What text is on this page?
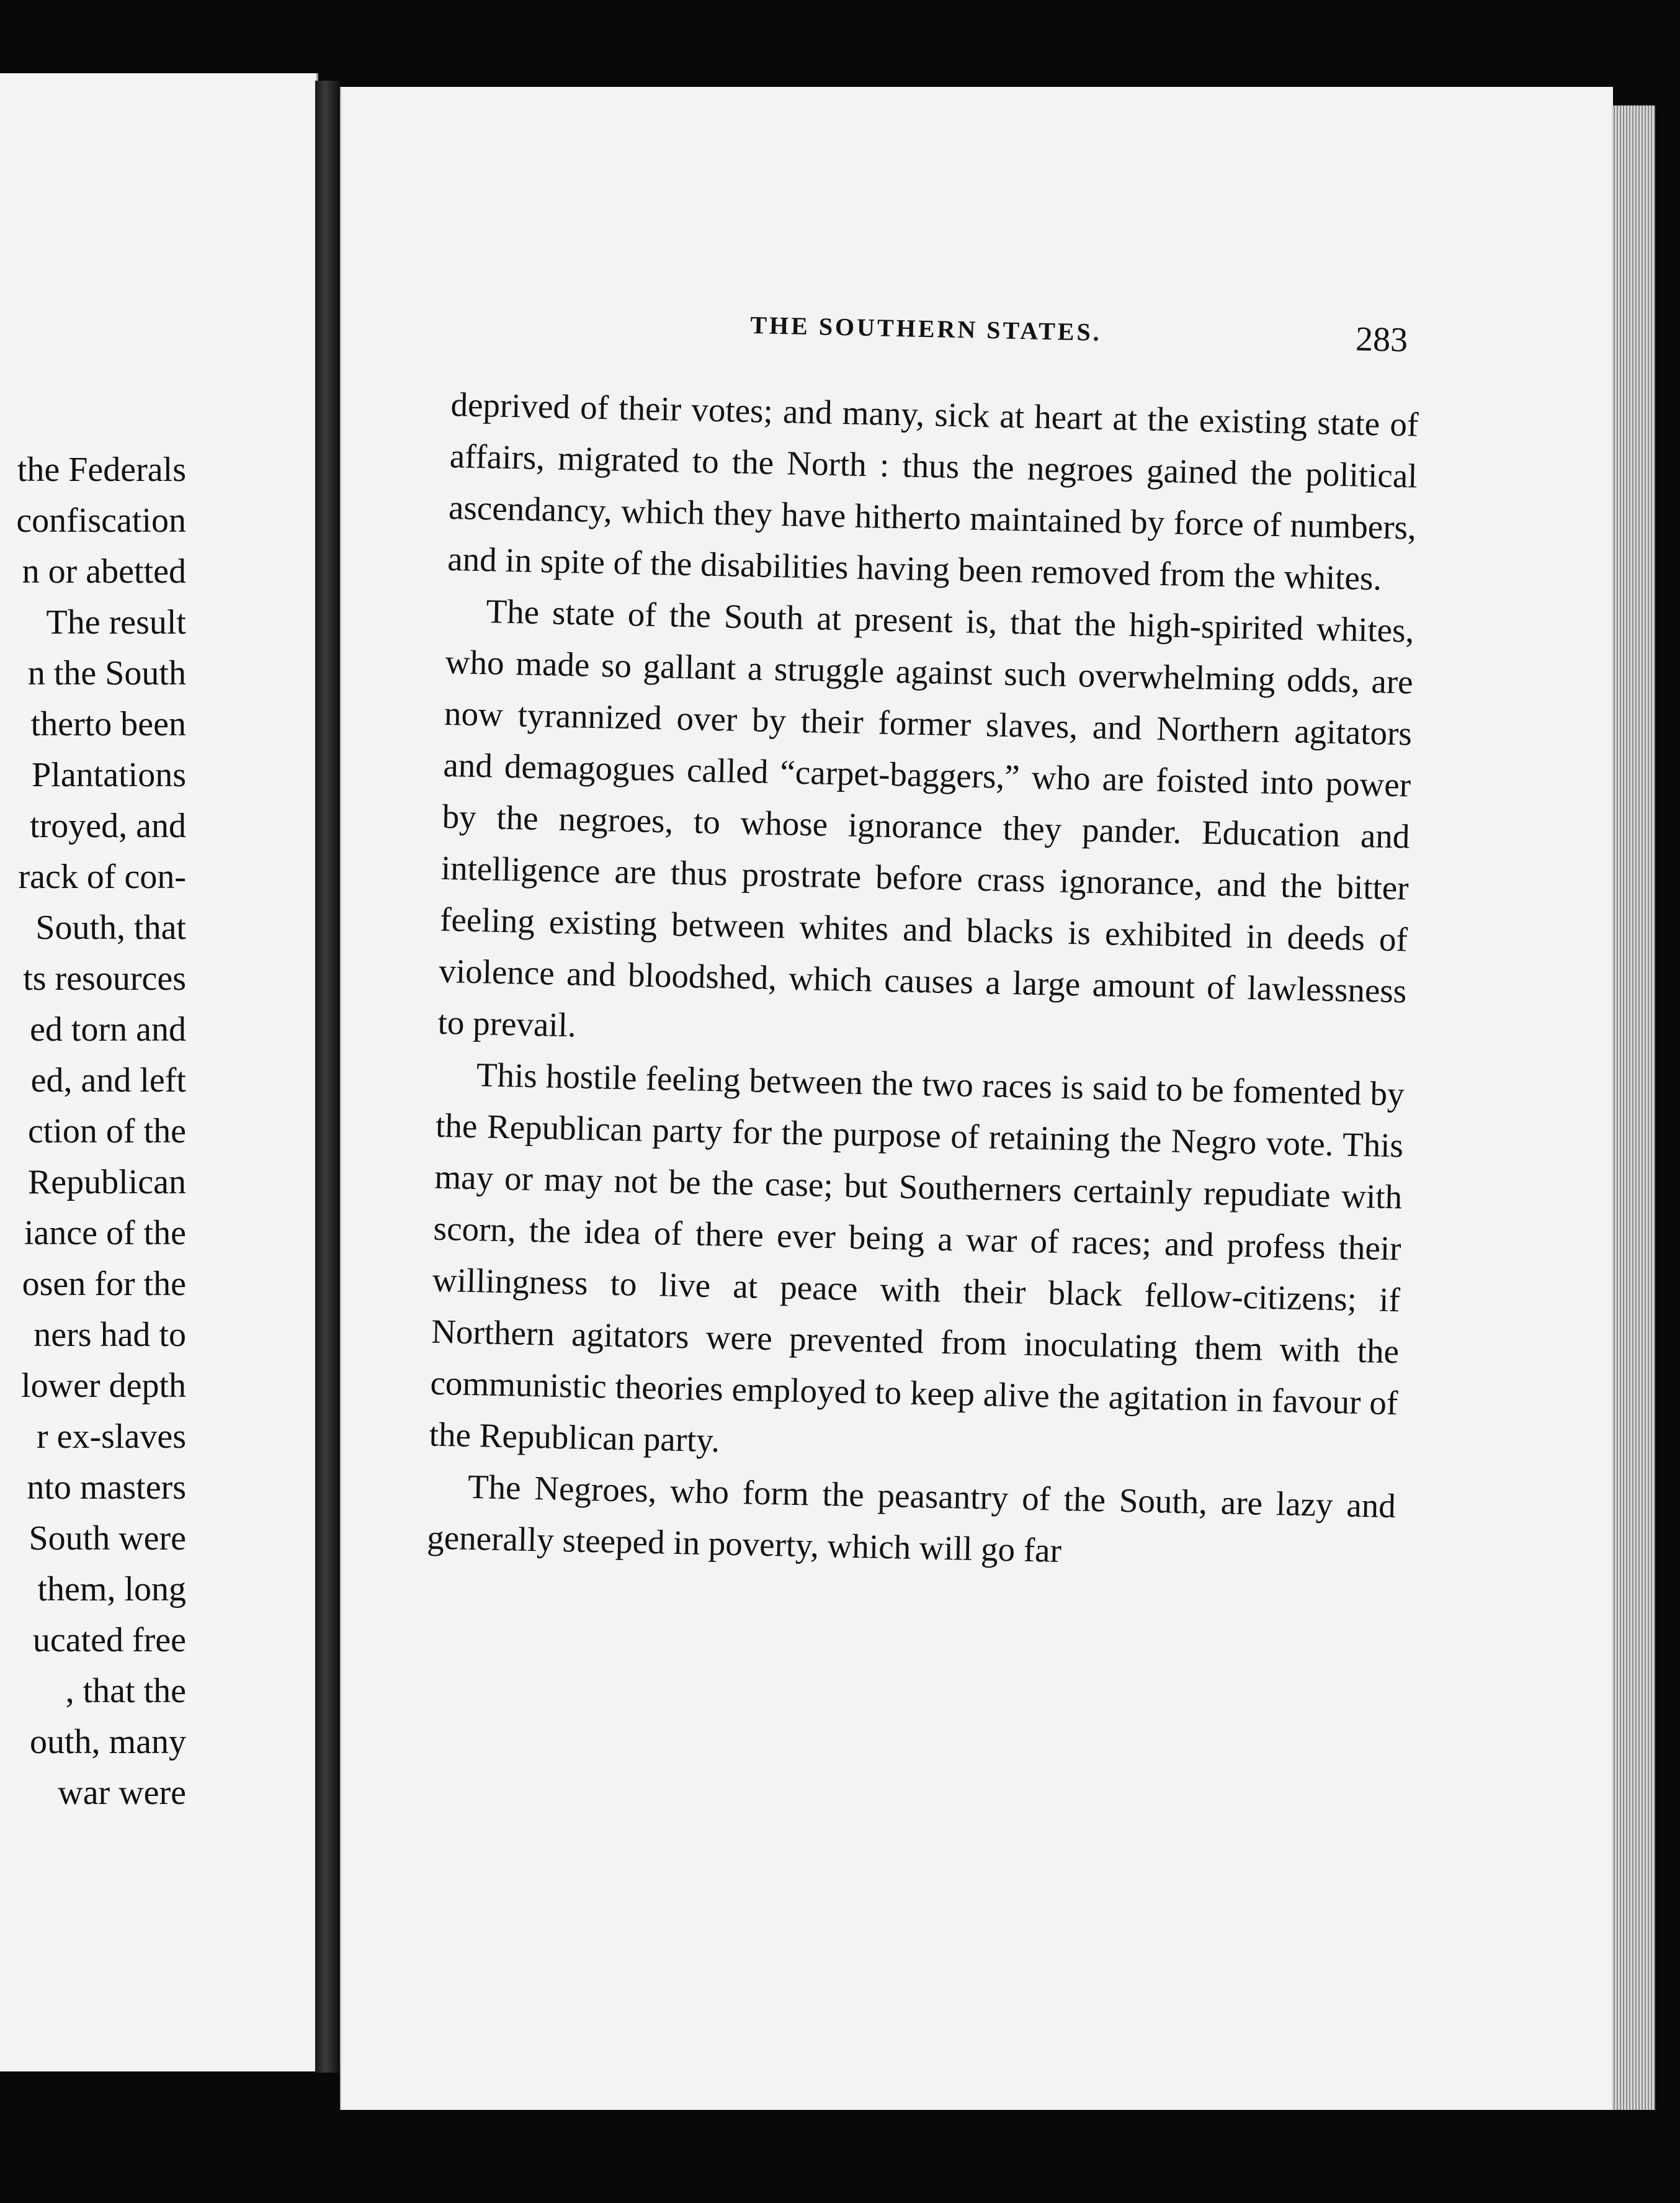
the Federals
confiscation
n or abetted
The result
n the South
therto been
Plantations
troyed, and
rack of con-
South, that
ts resources
ed torn and
ed, and left
ction of the
Republican
iance of the
osen for the
ners had to
lower depth
r ex-slaves
nto masters
South were
them, long
ucated free
, that the
outh, many
war were
THE SOUTHERN STATES.	283

deprived of their votes; and many, sick at heart at the existing state of affairs, migrated to the North : thus the negroes gained the political ascendancy, which they have hitherto maintained by force of numbers, and in spite of the disabilities having been removed from the whites.

The state of the South at present is, that the high-spirited whites, who made so gallant a struggle against such overwhelming odds, are now tyrannized over by their former slaves, and Northern agitators and demagogues called “carpet-baggers,” who are foisted into power by the negroes, to whose ignorance they pander. Education and intelligence are thus prostrate before crass ignorance, and the bitter feeling existing between whites and blacks is exhibited in deeds of violence and bloodshed, which causes a large amount of lawlessness to prevail.

This hostile feeling between the two races is said to be fomented by the Republican party for the purpose of retaining the Negro vote. This may or may not be the case; but Southerners certainly repudiate with scorn, the idea of there ever being a war of races; and profess their willingness to live at peace with their black fellow-citizens; if Northern agitators were prevented from inoculating them with the communistic theories employed to keep alive the agitation in favour of the Republican party.

The Negroes, who form the peasantry of the South, are lazy and generally steeped in poverty, which will go far
